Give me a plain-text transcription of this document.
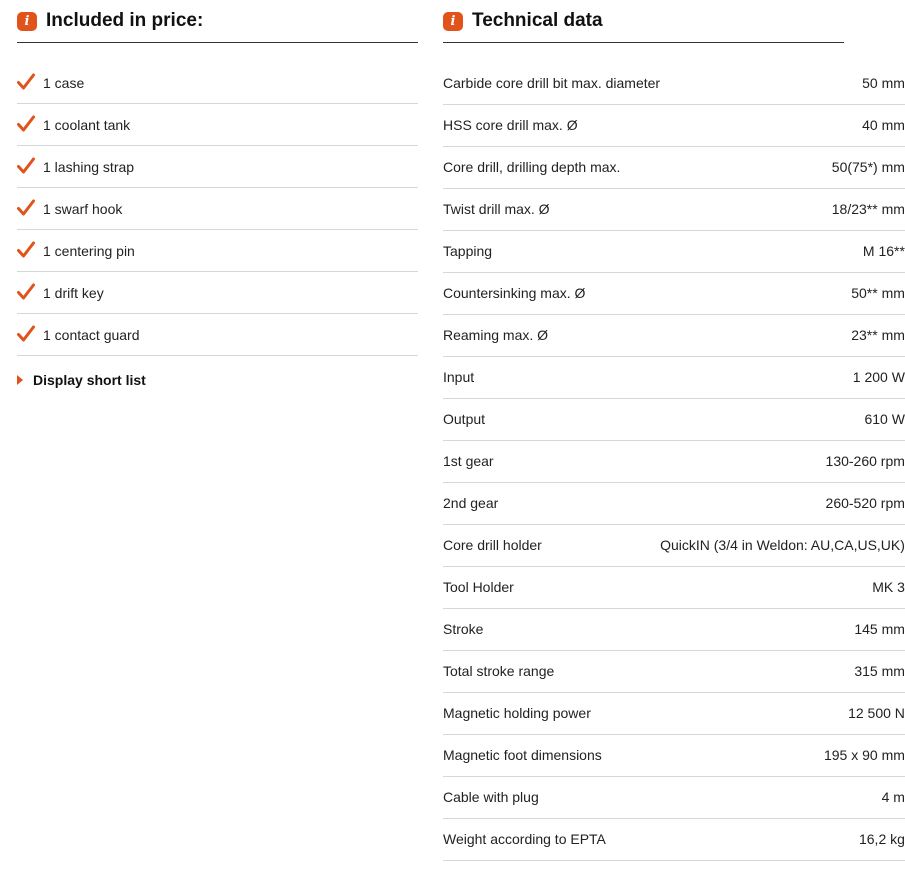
i Included in price:
1 case
1 coolant tank
1 lashing strap
1 swarf hook
1 centering pin
1 drift key
1 contact guard
Display short list
i Technical data
Carbide core drill bit max. diameter	50 mm
HSS core drill max. Ø	40 mm
Core drill, drilling depth max.	50(75*) mm
Twist drill max. Ø	18/23** mm
Tapping	M 16**
Countersinking max. Ø	50** mm
Reaming max. Ø	23** mm
Input	1 200 W
Output	610 W
1st gear	130-260 rpm
2nd gear	260-520 rpm
Core drill holder	QuickIN (3/4 in Weldon: AU,CA,US,UK)
Tool Holder	MK 3
Stroke	145 mm
Total stroke range	315 mm
Magnetic holding power	12 500 N
Magnetic foot dimensions	195 x 90 mm
Cable with plug	4 m
Weight according to EPTA	16,2 kg
